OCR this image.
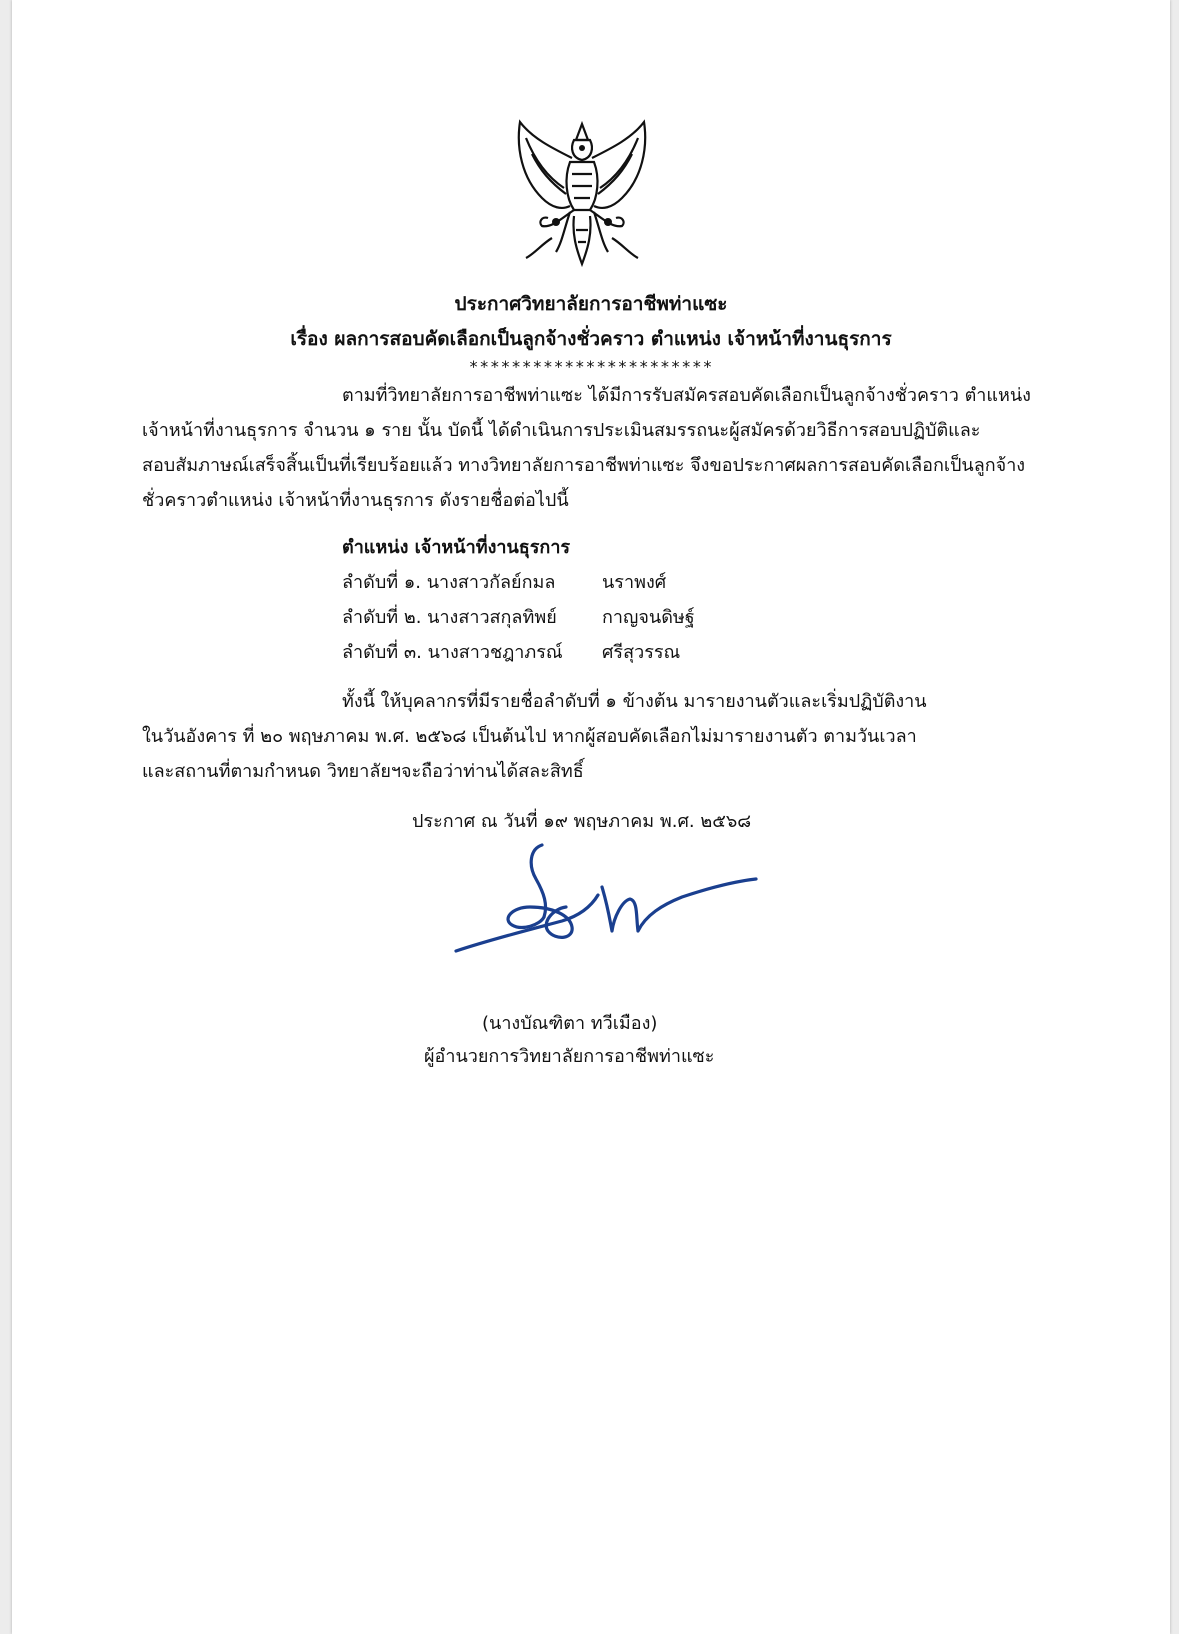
ประกาศวิทยาลัยการอาชีพท่าแซะ
เรื่อง ผลการสอบคัดเลือกเป็นลูกจ้างชั่วคราว ตำแหน่ง เจ้าหน้าที่งานธุรการ
***********************
ตามที่วิทยาลัยการอาชีพท่าแซะ ได้มีการรับสมัครสอบคัดเลือกเป็นลูกจ้างชั่วคราว ตำแหน่ง
เจ้าหน้าที่งานธุรการ จำนวน ๑ ราย นั้น บัดนี้ ได้ดำเนินการประเมินสมรรถนะผู้สมัครด้วยวิธีการสอบปฏิบัติและ
สอบสัมภาษณ์เสร็จสิ้นเป็นที่เรียบร้อยแล้ว ทางวิทยาลัยการอาชีพท่าแซะ จึงขอประกาศผลการสอบคัดเลือกเป็นลูกจ้าง
ชั่วคราวตำแหน่ง เจ้าหน้าที่งานธุรการ ดังรายชื่อต่อไปนี้
ตำแหน่ง เจ้าหน้าที่งานธุรการ
ลำดับที่ ๑. นางสาวกัลย์กมล	นราพงศ์
ลำดับที่ ๒. นางสาวสกุลทิพย์	กาญจนดิษฐ์
ลำดับที่ ๓. นางสาวชฎาภรณ์ ศรีสุวรรณ
ทั้งนี้ ให้บุคลากรที่มีรายชื่อลำดับที่ ๑ ข้างต้น มารายงานตัวและเริ่มปฏิบัติงาน
ในวันอังคาร ที่ ๒๐ พฤษภาคม พ.ศ. ๒๕๖๘ เป็นต้นไป หากผู้สอบคัดเลือกไม่มารายงานตัว ตามวันเวลา
และสถานที่ตามกำหนด วิทยาลัยฯจะถือว่าท่านได้สละสิทธิ์
ประกาศ ณ วันที่ ๑๙ พฤษภาคม พ.ศ. ๒๕๖๘
(นางบัณฑิตา ทวีเมือง)
ผู้อำนวยการวิทยาลัยการอาชีพท่าแซะ
